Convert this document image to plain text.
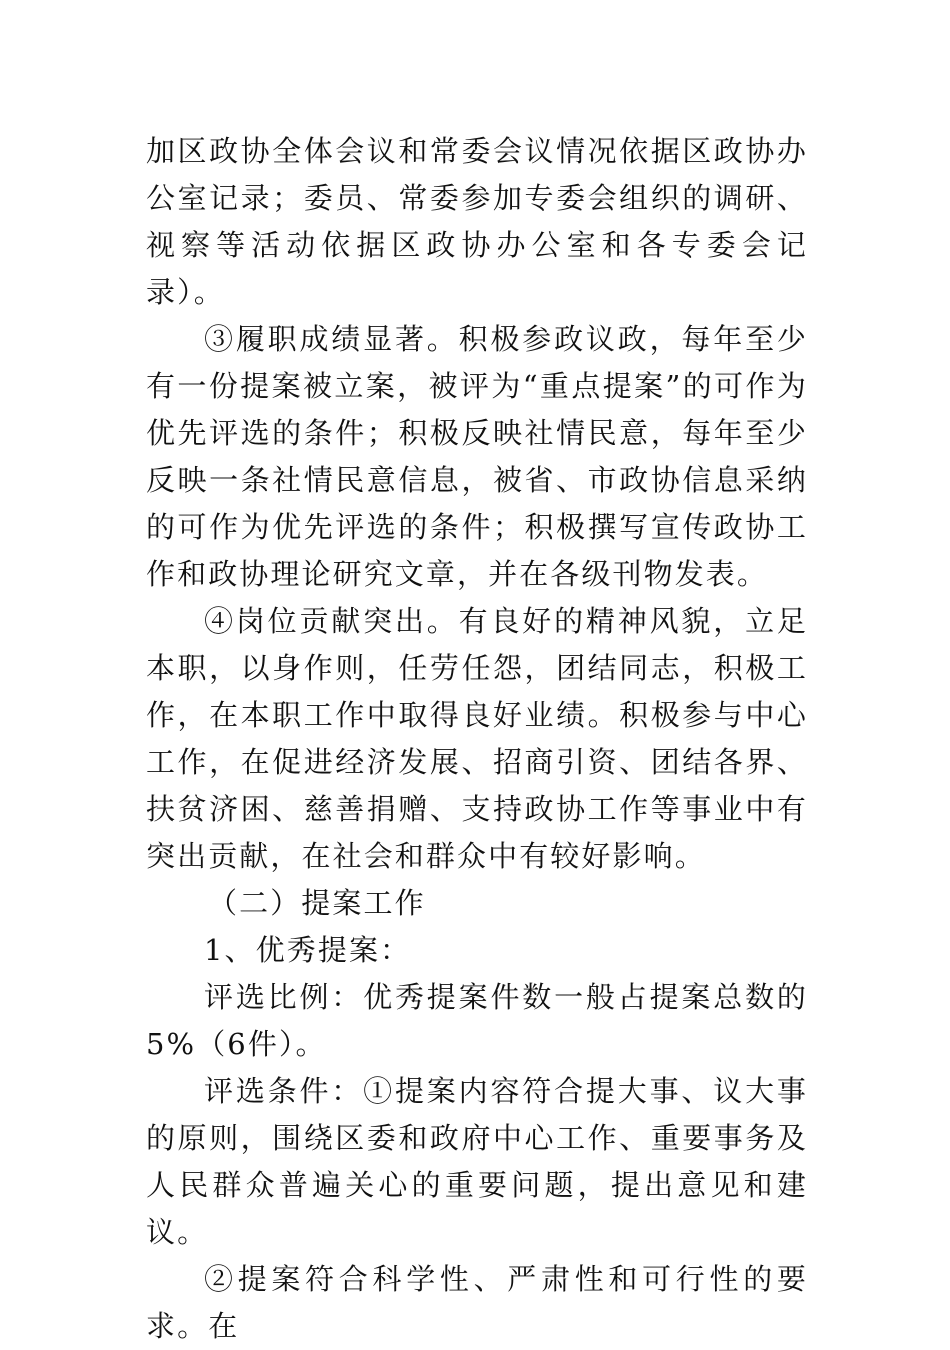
加区政协全体会议和常委会议情况依据区政协办公室记录；委员、常委参加专委会组织的调研、视察等活动依据区政协办公室和各专委会记录）。

③履职成绩显著。积极参政议政，每年至少有一份提案被立案，被评为“重点提案”的可作为优先评选的条件；积极反映社情民意，每年至少反映一条社情民意信息，被省、市政协信息采纳的可作为优先评选的条件；积极撰写宣传政协工作和政协理论研究文章，并在各级刊物发表。

④岗位贡献突出。有良好的精神风貌，立足本职，以身作则，任劳任怨，团结同志，积极工作，在本职工作中取得良好业绩。积极参与中心工作，在促进经济发展、招商引资、团结各界、扶贫济困、慈善捐赠、支持政协工作等事业中有突出贡献，在社会和群众中有较好影响。

（二）提案工作

1、优秀提案：

评选比例：优秀提案件数一般占提案总数的 5%（6件）。

评选条件：①提案内容符合提大事、议大事的原则，围绕区委和政府中心工作、重要事务及人民群众普遍关心的重要问题，提出意见和建议。

②提案符合科学性、严肃性和可行性的要求。在
